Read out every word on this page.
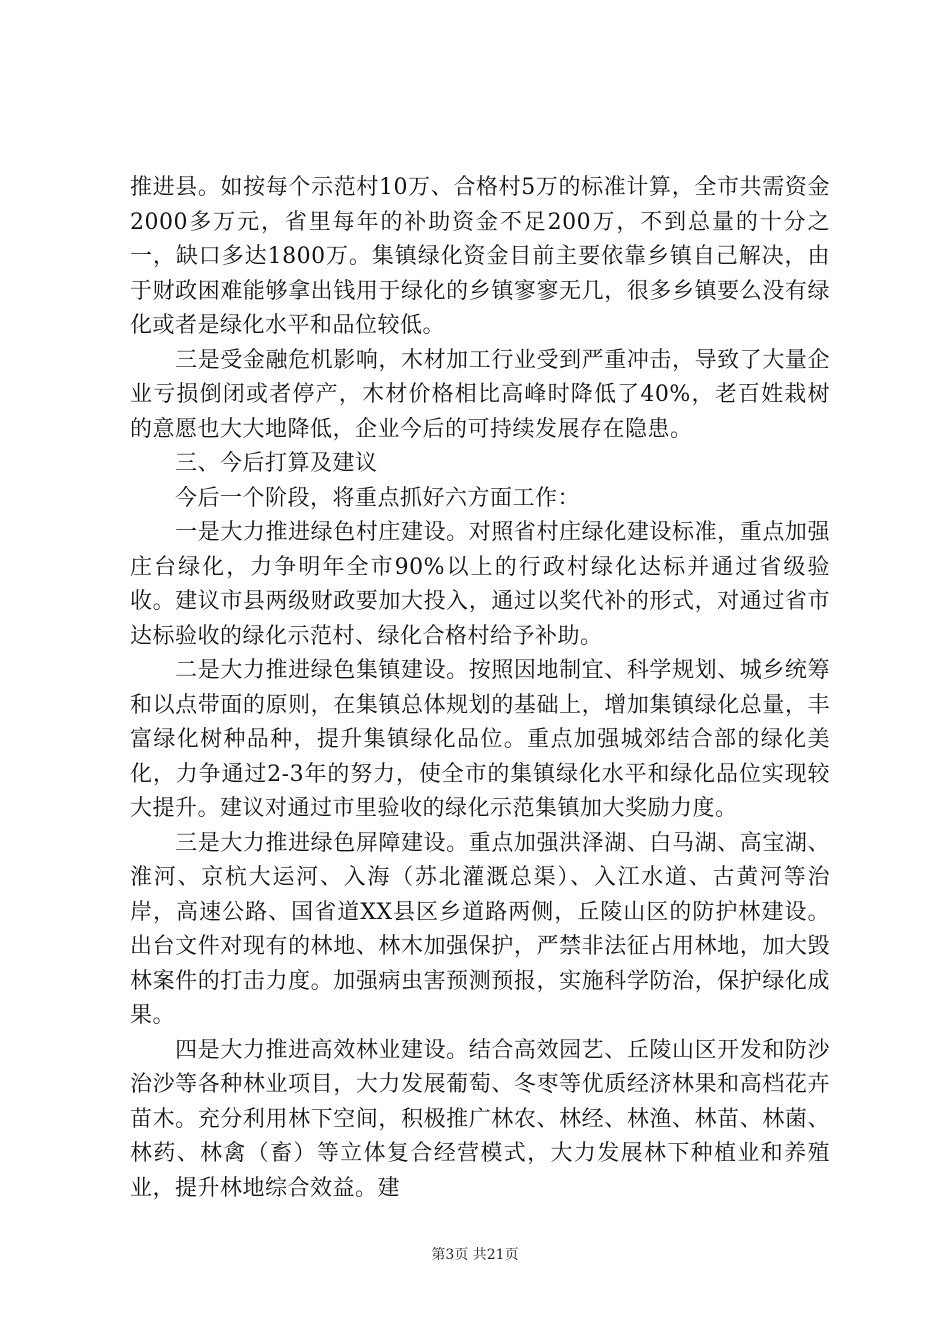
推进县。如按每个示范村10万、合格村5万的标准计算，全市共需资金2000多万元，省里每年的补助资金不足200万，不到总量的十分之一，缺口多达1800万。集镇绿化资金目前主要依靠乡镇自己解决，由于财政困难能够拿出钱用于绿化的乡镇寥寥无几，很多乡镇要么没有绿化或者是绿化水平和品位较低。

　　三是受金融危机影响，木材加工行业受到严重冲击，导致了大量企业亏损倒闭或者停产，木材价格相比高峰时降低了40%，老百姓栽树的意愿也大大地降低，企业今后的可持续发展存在隐患。

　　三、今后打算及建议

　　今后一个阶段，将重点抓好六方面工作：

　　一是大力推进绿色村庄建设。对照省村庄绿化建设标准，重点加强庄台绿化，力争明年全市90%以上的行政村绿化达标并通过省级验收。建议市县两级财政要加大投入，通过以奖代补的形式，对通过省市达标验收的绿化示范村、绿化合格村给予补助。

　　二是大力推进绿色集镇建设。按照因地制宜、科学规划、城乡统筹和以点带面的原则，在集镇总体规划的基础上，增加集镇绿化总量，丰富绿化树种品种，提升集镇绿化品位。重点加强城郊结合部的绿化美化，力争通过2-3年的努力，使全市的集镇绿化水平和绿化品位实现较大提升。建议对通过市里验收的绿化示范集镇加大奖励力度。

　　三是大力推进绿色屏障建设。重点加强洪泽湖、白马湖、高宝湖、淮河、京杭大运河、入海（苏北灌溉总渠）、入江水道、古黄河等治岸，高速公路、国省道XX县区乡道路两侧，丘陵山区的防护林建设。出台文件对现有的林地、林木加强保护，严禁非法征占用林地，加大毁林案件的打击力度。加强病虫害预测预报，实施科学防治，保护绿化成果。

　　四是大力推进高效林业建设。结合高效园艺、丘陵山区开发和防沙治沙等各种林业项目，大力发展葡萄、冬枣等优质经济林果和高档花卉苗木。充分利用林下空间，积极推广林农、林经、林渔、林苗、林菌、林药、林禽（畜）等立体复合经营模式，大力发展林下种植业和养殖业，提升林地综合效益。建

第3页 共21页
